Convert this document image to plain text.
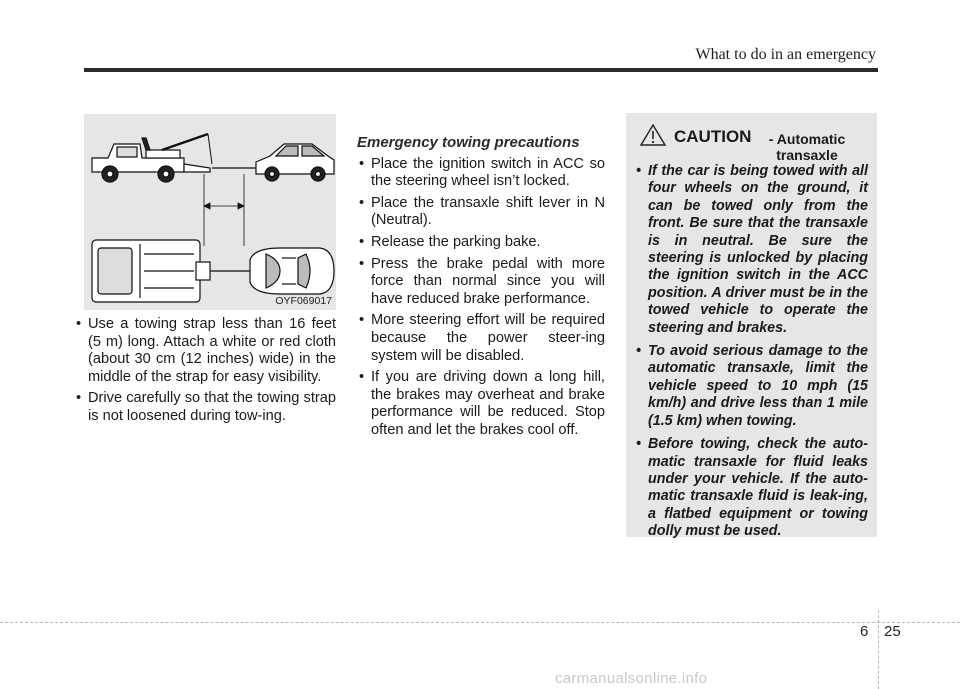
What to do in an emergency
OYF069017
• Use a towing strap less than 16 feet (5 m) long. Attach a white or red cloth (about 30 cm (12 inches) wide) in the middle of the strap for easy visibility.
• Drive carefully so that the towing strap is not loosened during tow-ing.
Emergency towing precautions
• Place the ignition switch in ACC so the steering wheel isn’t locked.
• Place the transaxle shift lever in N (Neutral).
• Release the parking bake.
• Press the brake pedal with more force than normal since you will have reduced brake performance.
• More steering effort will be required because the power steer-ing system will be disabled.
• If you are driving down a long hill, the brakes may overheat and brake performance will be reduced. Stop often and let the brakes cool off.
CAUTION	- Automatic transaxle
• If the car is being towed with all four wheels on the ground, it can be towed only from the front. Be sure that the transaxle is in neutral. Be sure the steering is unlocked by placing the ignition switch in the ACC position. A driver must be in the towed vehicle to operate the steering and brakes.
• To avoid serious damage to the automatic transaxle, limit the vehicle speed to 10 mph (15 km/h) and drive less than 1 mile (1.5 km) when towing.
• Before towing, check the auto-matic transaxle for fluid leaks under your vehicle. If the auto-matic transaxle fluid is leak-ing, a flatbed equipment or towing dolly must be used.
6 25
carmanualsonline.info
